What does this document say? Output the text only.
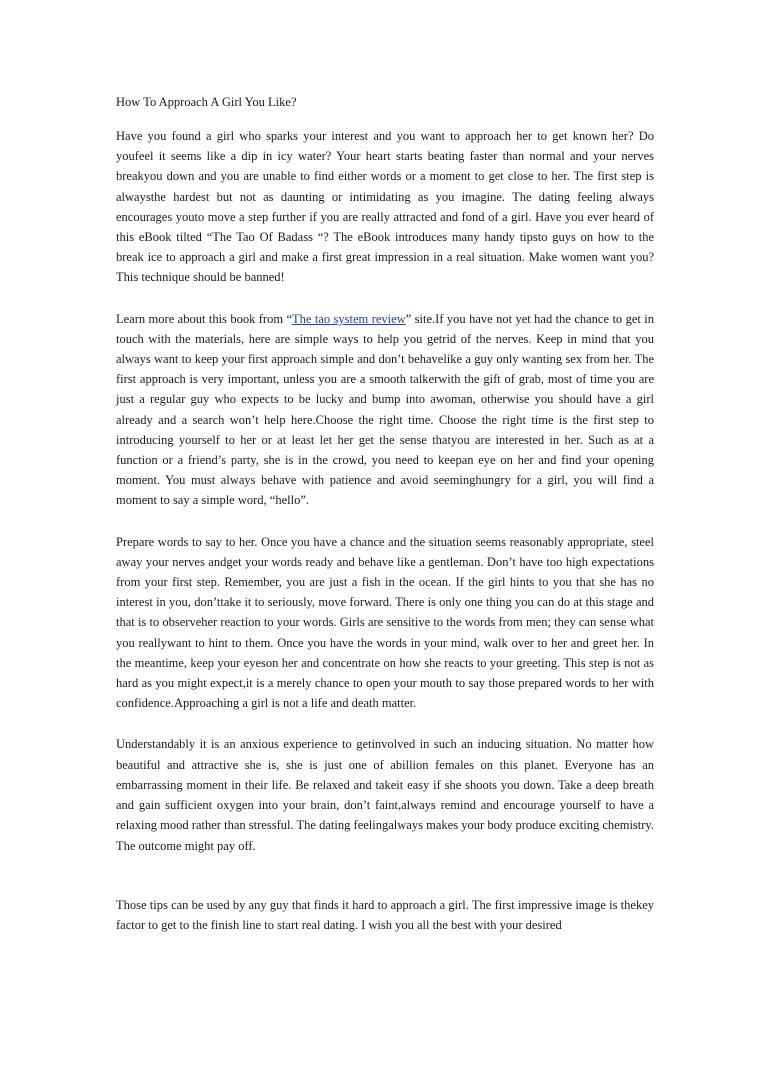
How To Approach A Girl You Like?

Have you found a girl who sparks your interest and you want to approach her to get known her? Do youfeel it seems like a dip in icy water? Your heart starts beating faster than normal and your nerves breakyou down and you are unable to find either words or a moment to get close to her. The first step is alwaysthe hardest but not as daunting or intimidating as you imagine. The dating feeling always encourages youto move a step further if you are really attracted and fond of a girl. Have you ever heard of this eBook tilted “The Tao Of Badass “? The eBook introduces many handy tipsto guys on how to the break ice to approach a girl and make a first great impression in a real situation. Make women want you? This technique should be banned!

Learn more about this book from “The tao system review” site.If you have not yet had the chance to get in touch with the materials, here are simple ways to help you getrid of the nerves. Keep in mind that you always want to keep your first approach simple and don’t behavelike a guy only wanting sex from her. The first approach is very important, unless you are a smooth talkerwith the gift of grab, most of time you are just a regular guy who expects to be lucky and bump into awoman, otherwise you should have a girl already and a search won’t help here.Choose the right time. Choose the right time is the first step to introducing yourself to her or at least let her get the sense thatyou are interested in her. Such as at a function or a friend’s party, she is in the crowd, you need to keepan eye on her and find your opening moment. You must always behave with patience and avoid seeminghungry for a girl, you will find a moment to say a simple word, “hello”.

Prepare words to say to her. Once you have a chance and the situation seems reasonably appropriate, steel away your nerves andget your words ready and behave like a gentleman. Don’t have too high expectations from your first step. Remember, you are just a fish in the ocean. If the girl hints to you that she has no interest in you, don’ttake it to seriously, move forward. There is only one thing you can do at this stage and that is to observeher reaction to your words. Girls are sensitive to the words from men; they can sense what you reallywant to hint to them. Once you have the words in your mind, walk over to her and greet her. In the meantime, keep your eyeson her and concentrate on how she reacts to your greeting. This step is not as hard as you might expect,it is a merely chance to open your mouth to say those prepared words to her with confidence.Approaching a girl is not a life and death matter.

Understandably it is an anxious experience to getinvolved in such an inducing situation. No matter how beautiful and attractive she is, she is just one of abillion females on this planet. Everyone has an embarrassing moment in their life. Be relaxed and takeit easy if she shoots you down. Take a deep breath and gain sufficient oxygen into your brain, don’t faint,always remind and encourage yourself to have a relaxing mood rather than stressful. The dating feelingalways makes your body produce exciting chemistry. The outcome might pay off.

Those tips can be used by any guy that finds it hard to approach a girl. The first impressive image is thekey factor to get to the finish line to start real dating. I wish you all the best with your desired
